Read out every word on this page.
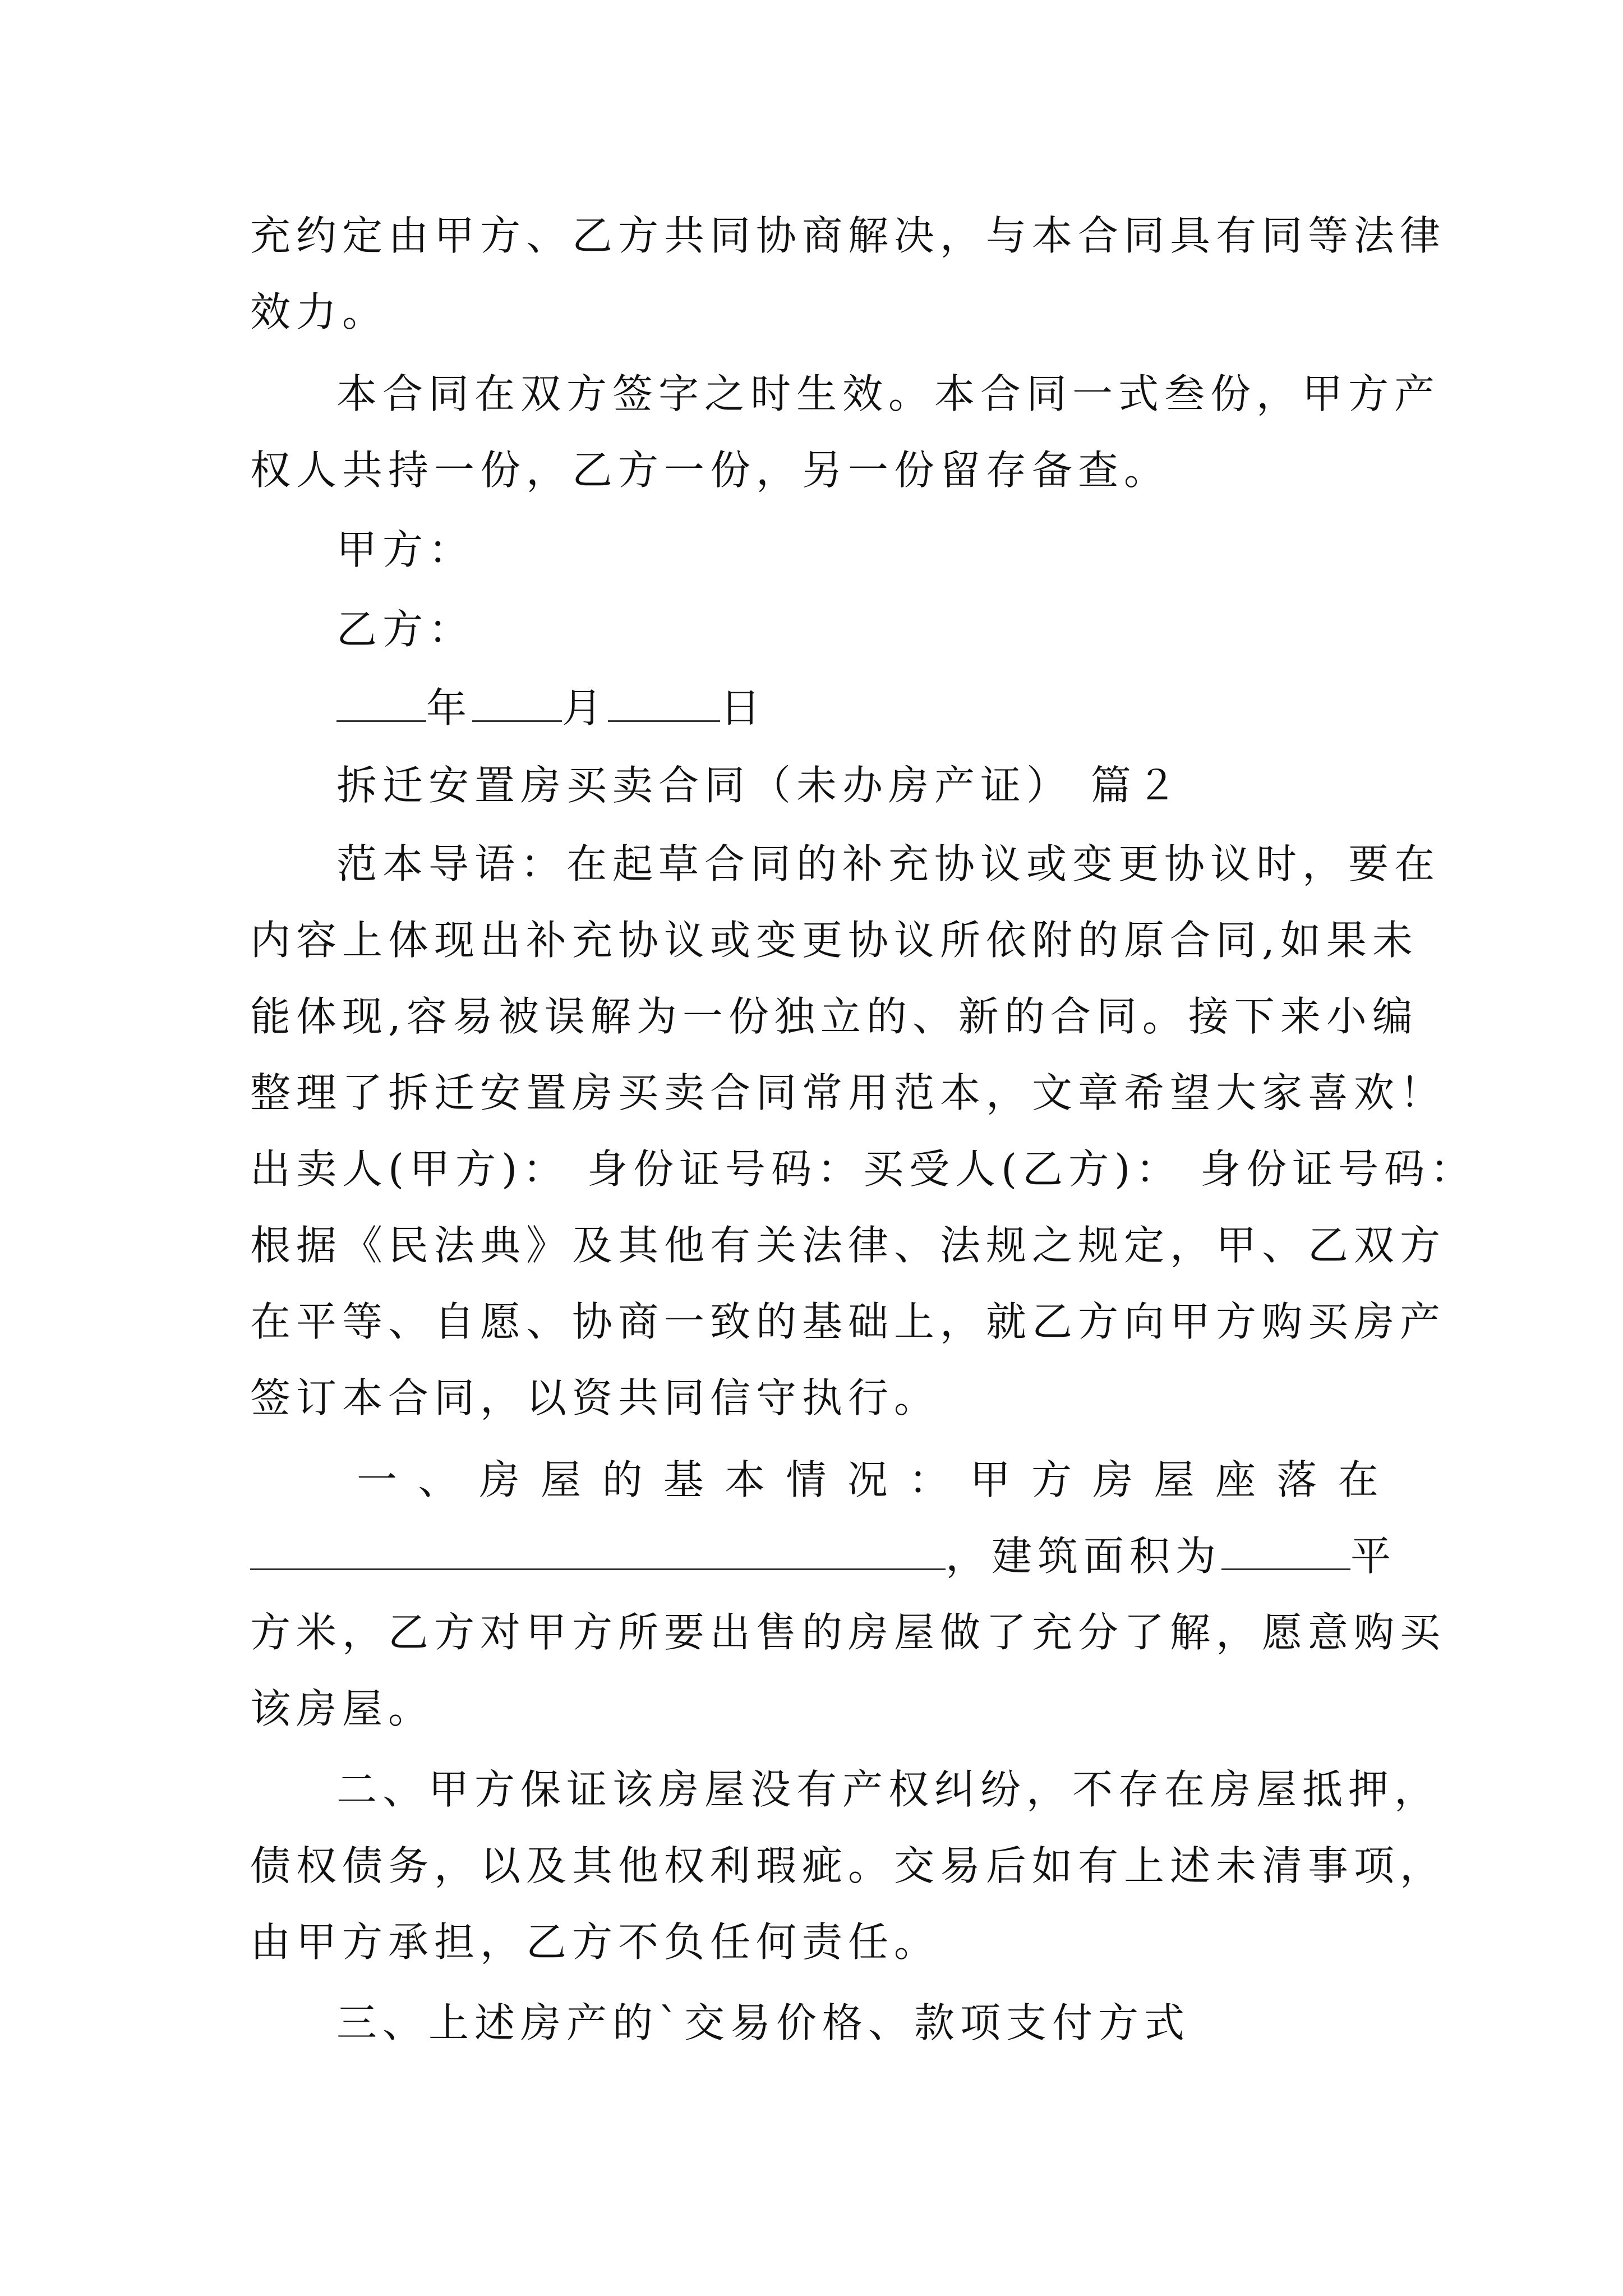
充约定由甲方、乙方共同协商解决，与本合同具有同等法律

效力。

本合同在双方签字之时生效。本合同一式叁份，甲方产

权人共持一份，乙方一份，另一份留存备查。

甲方：

乙方：

年 月	日

拆迁安置房买卖合同（未办房产证） 篇２

范本导语：在起草合同的补充协议或变更协议时，要在

内容上体现出补充协议或变更协议所依附的原合同,如果未

能体现,容易被误解为一份独立的、新的合同。接下来小编

整理了拆迁安置房买卖合同常用范本，文章希望大家喜欢！

出卖人(甲方)： 身份证号码：买受人(乙方)： 身份证号码：

根据《民法典》及其他有关法律、法规之规定，甲、乙双方

在平等、自愿、协商一致的基础上，就乙方向甲方购买房产

签订本合同，以资共同信守执行。

一 、 房 屋 的 基 本 情 况 ： 甲 方 房 屋 座 落 在

，建筑面积为	平

方米，乙方对甲方所要出售的房屋做了充分了解，愿意购买

该房屋。

二、甲方保证该房屋没有产权纠纷，不存在房屋抵押，

债权债务，以及其他权利瑕疵。交易后如有上述未清事项，

由甲方承担，乙方不负任何责任。

三、上述房产的`交易价格、款项支付方式
